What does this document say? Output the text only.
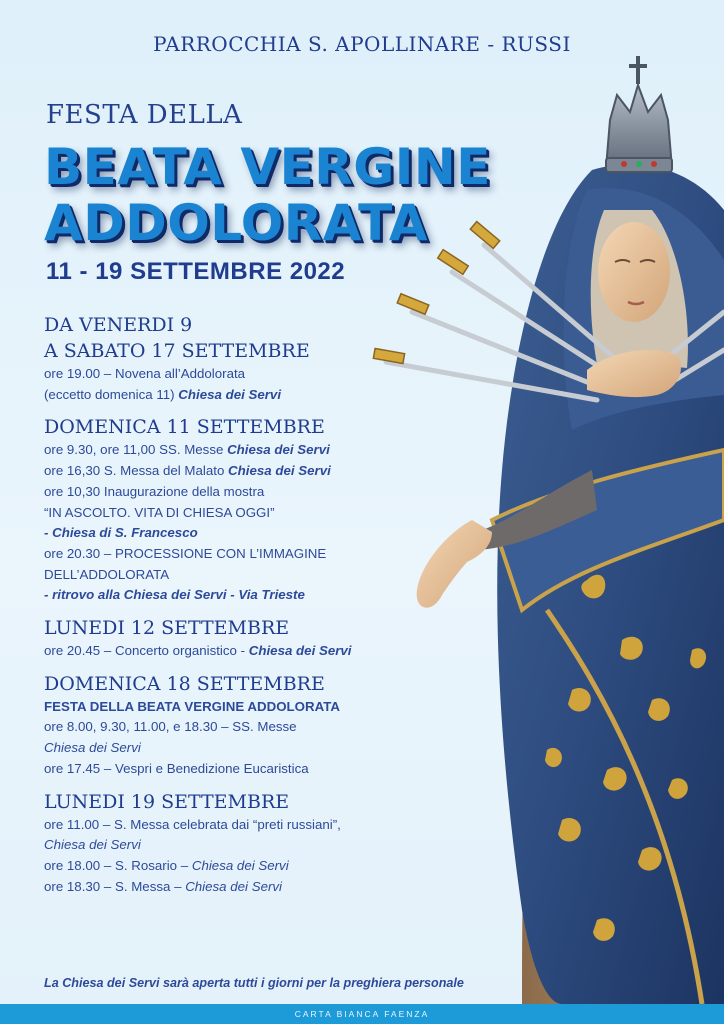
PARROCCHIA S. APOLLINARE - RUSSI
FESTA DELLA
BEATA VERGINE
ADDOLORATA
11 - 19 SETTEMBRE 2022
DA VENERDI 9
A SABATO 17 SETTEMBRE
ore 19.00 – Novena all’Addolorata
(eccetto domenica 11) Chiesa dei Servi
DOMENICA 11 SETTEMBRE
ore 9.30, ore 11,00 SS. Messe Chiesa dei Servi
ore 16,30 S. Messa del Malato Chiesa dei Servi
ore 10,30 Inaugurazione della mostra
“IN ASCOLTO. VITA DI CHIESA OGGI”
- Chiesa di S. Francesco
ore 20.30 – PROCESSIONE CON L’IMMAGINE
DELL’ADDOLORATA
- ritrovo alla Chiesa dei Servi - Via Trieste
LUNEDI 12 SETTEMBRE
ore 20.45 – Concerto organistico - Chiesa dei Servi
DOMENICA 18 SETTEMBRE
FESTA DELLA BEATA VERGINE ADDOLORATA
ore 8.00, 9.30, 11.00, e 18.30 – SS. Messe
Chiesa dei Servi
ore 17.45 – Vespri e Benedizione Eucaristica
LUNEDI 19 SETTEMBRE
ore 11.00 – S. Messa celebrata dai “preti russiani”,
Chiesa dei Servi
ore 18.00 – S. Rosario – Chiesa dei Servi
ore 18.30 – S. Messa – Chiesa dei Servi
La Chiesa dei Servi sarà aperta tutti i giorni per la preghiera personale
CARTA BIANCA FAENZA
